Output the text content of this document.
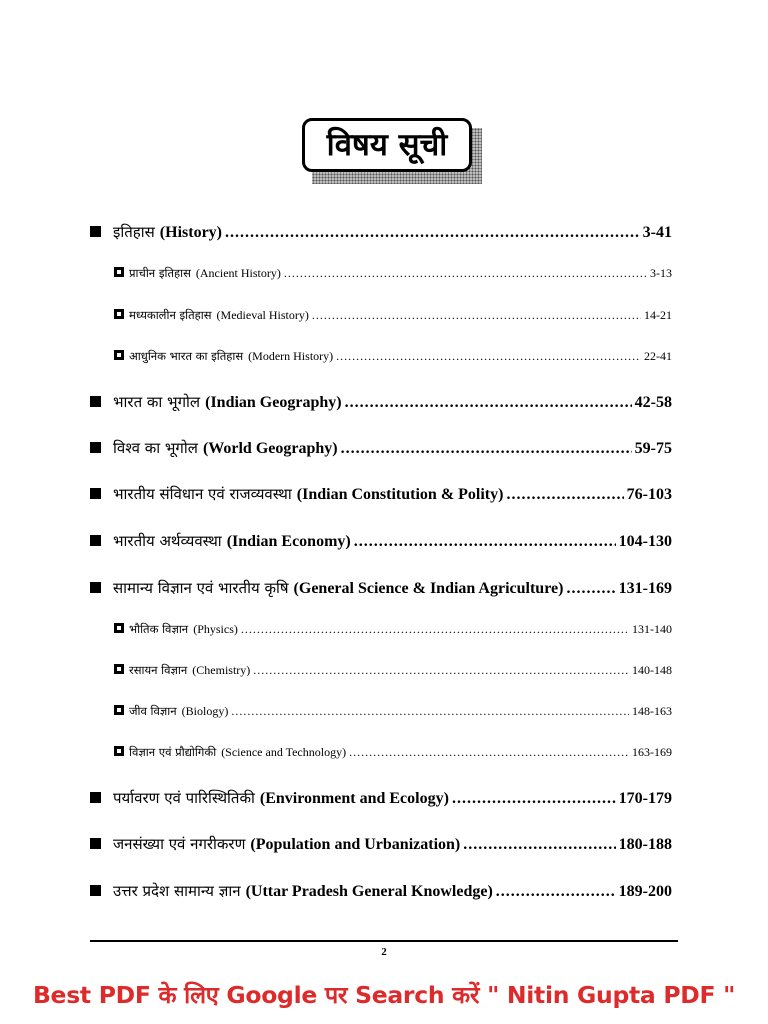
विषय सूची
इतिहास (History) .....	3-41
प्राचीन इतिहास (Ancient History) .....	3-13
मध्यकालीन इतिहास (Medieval History) .....	14-21
आधुनिक भारत का इतिहास (Modern History) .....	22-41
भारत का भूगोल (Indian Geography) .....	42-58
विश्व का भूगोल (World Geography) .....	59-75
भारतीय संविधान एवं राजव्यवस्था (Indian Constitution & Polity) .....	76-103
भारतीय अर्थव्यवस्था (Indian Economy) .....	104-130
सामान्य विज्ञान एवं भारतीय कृषि (General Science & Indian Agriculture) .....	131-169
भौतिक विज्ञान (Physics) .....	131-140
रसायन विज्ञान (Chemistry) .....	140-148
जीव विज्ञान (Biology) .....	148-163
विज्ञान एवं प्रौद्योगिकी (Science and Technology) .....	163-169
पर्यावरण एवं पारिस्थितिकी (Environment and Ecology) .....	170-179
जनसंख्या एवं नगरीकरण (Population and Urbanization) .....	180-188
उत्तर प्रदेश सामान्य ज्ञान (Uttar Pradesh General Knowledge) .....	189-200
2
Best PDF के लिए Google पर Search करें " Nitin Gupta PDF "
